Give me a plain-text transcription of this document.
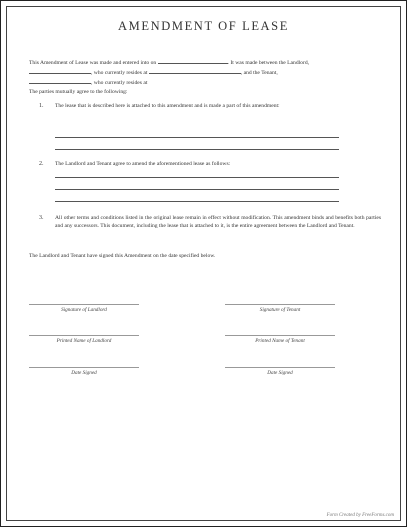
AMENDMENT OF LEASE
This Amendment of Lease was made and entered into on	. It was made between the Landlord,
, who currently resides at	, and the Tenant,
, who currently resides at
The parties mutually agree to the following:
1. The lease that is described here is attached to this amendment and is made a part of this amendment:
2. The Landlord and Tenant agree to amend the aforementioned lease as follows:
3. All other terms and conditions listed in the original lease remain in effect without modification. This amendment binds and benefits both parties and any successors. This document, including the lease that is attached to it, is the entire agreement between the Landlord and Tenant.
The Landlord and Tenant have signed this Amendment on the date specified below.
Signature of Landlord	Signature of Tenant
Printed Name of Landlord	Printed Name of Tenant
Date Signed	Date Signed
Form Created by FreeForms.com
